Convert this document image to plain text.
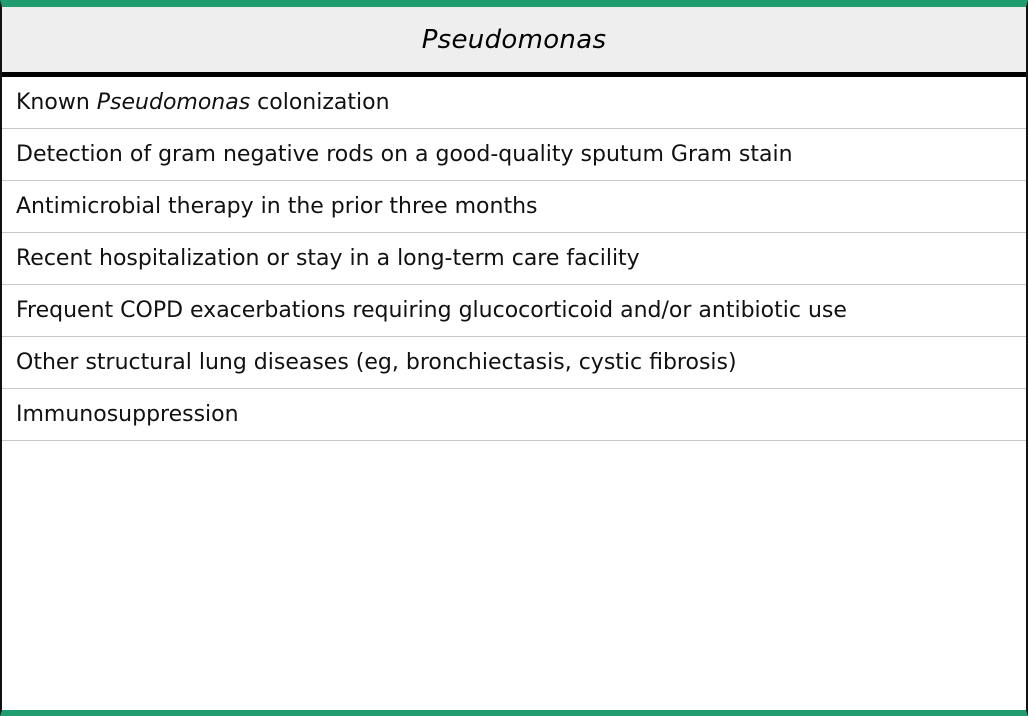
Pseudomonas
Known Pseudomonas colonization
Detection of gram negative rods on a good-quality sputum Gram stain
Antimicrobial therapy in the prior three months
Recent hospitalization or stay in a long-term care facility
Frequent COPD exacerbations requiring glucocorticoid and/or antibiotic use
Other structural lung diseases (eg, bronchiectasis, cystic fibrosis)
Immunosuppression
